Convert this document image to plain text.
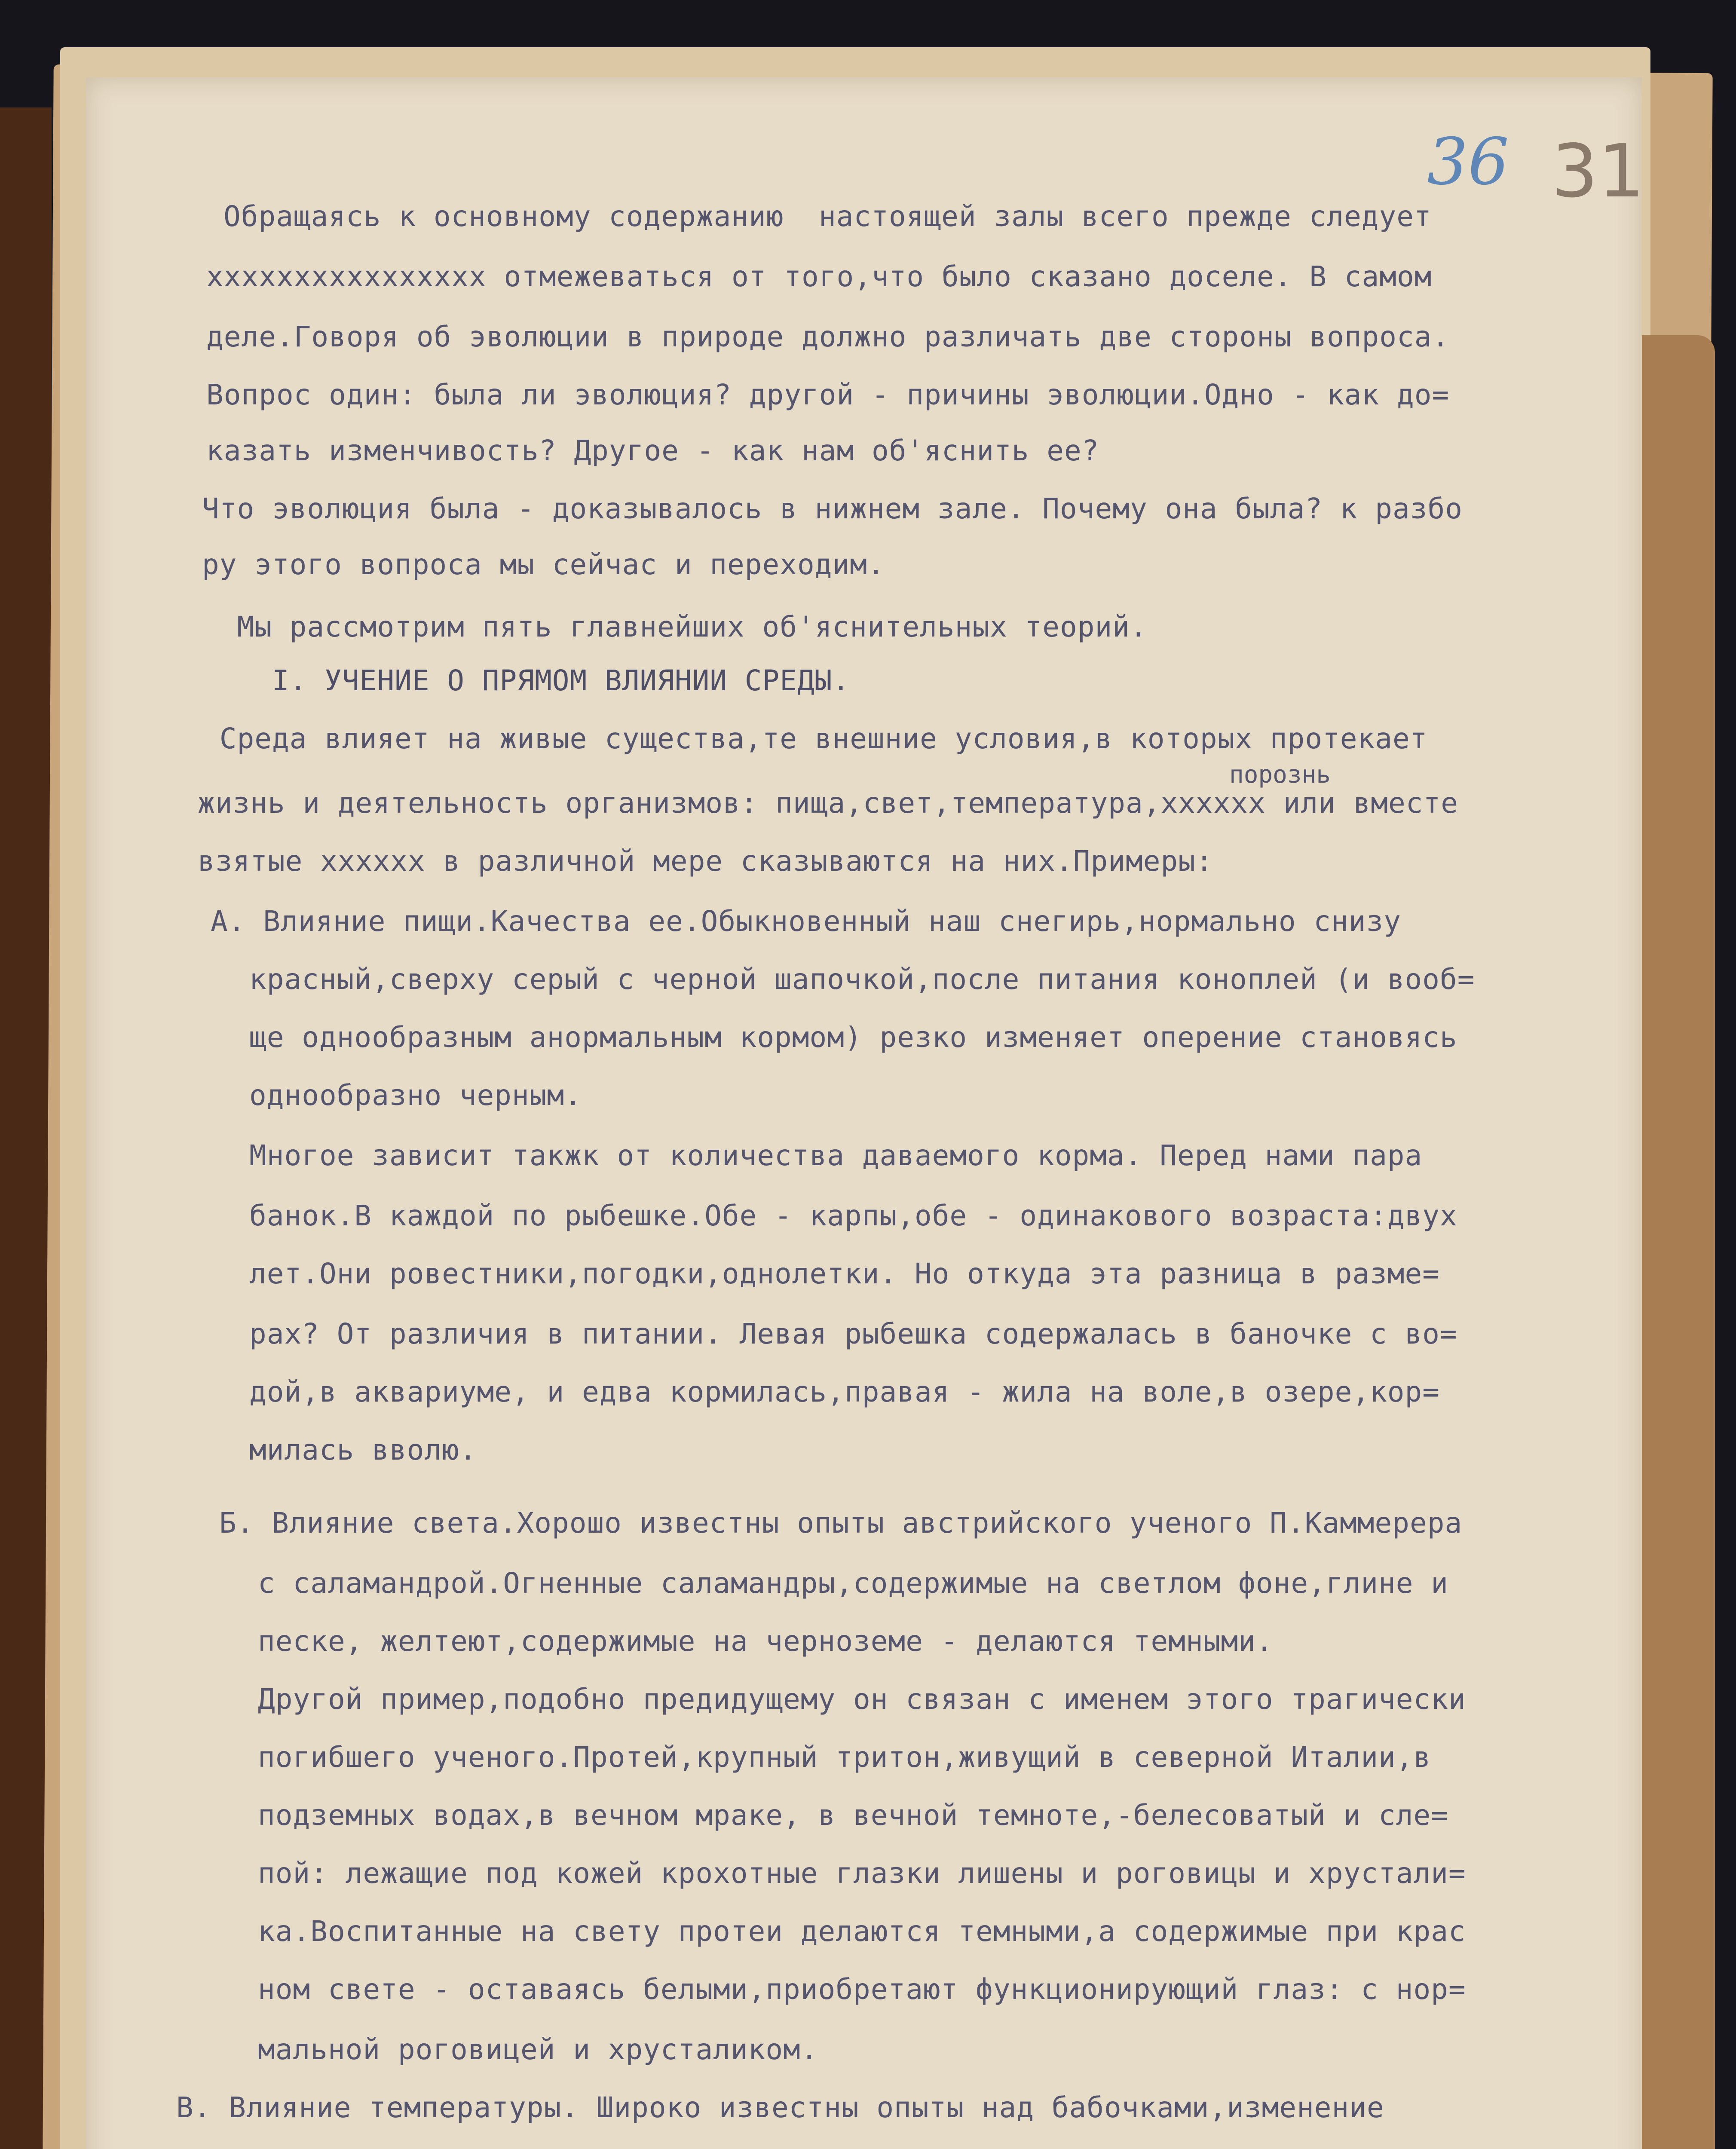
36 31
Обращаясь к основному содержанию  настоящей залы всего прежде следует
хххххххххххххххх отмежеваться от того,что было сказано доселе. В самом
деле.Говоря об эволюции в природе должно различать две стороны вопроса.
Вопрос один: была ли эволюция? другой - причины эволюции.Одно - как до=
казать изменчивость? Другое - как нам об'яснить ее?
Что эволюция была - доказывалось в нижнем зале. Почему она была? к разбо
ру этого вопроса мы сейчас и переходим.
Мы рассмотрим пять главнейших об'яснительных теорий.
I. УЧЕНИЕ О ПРЯМОМ ВЛИЯНИИ СРЕДЫ.
Среда влияет на живые существа,те внешние условия,в которых протекает
порознь
жизнь и деятельность организмов: пища,свет,температура,хххххх или вместе
взятые хххххх в различной мере сказываются на них.Примеры:
А. Влияние пищи.Качества ее.Обыкновенный наш снегирь,нормально снизу
красный,сверху серый с черной шапочкой,после питания коноплей (и вооб=
ще однообразным анормальным кормом) резко изменяет оперение становясь
однообразно черным.
Многое зависит такжк от количества даваемого корма. Перед нами пара
банок.В каждой по рыбешке.Обе - карпы,обе - одинакового возраста:двух
лет.Они ровестники,погодки,однолетки. Но откуда эта разница в разме=
рах? От различия в питании. Левая рыбешка содержалась в баночке с во=
дой,в аквариуме, и едва кормилась,правая - жила на воле,в озере,кор=
милась вволю.
Б. Влияние света.Хорошо известны опыты австрийского ученого П.Каммерера
с саламандрой.Огненные саламандры,содержимые на светлом фоне,глине и
песке, желтеют,содержимые на черноземе - делаются темными.
Другой пример,подобно предидущему он связан с именем этого трагически
погибшего ученого.Протей,крупный тритон,живущий в северной Италии,в
подземных водах,в вечном мраке, в вечной темноте,-белесоватый и сле=
пой: лежащие под кожей крохотные глазки лишены и роговицы и хрустали=
ка.Воспитанные на свету протеи делаются темными,а содержимые при крас
ном свете - оставаясь белыми,приобретают функционирующий глаз: с нор=
мальной роговицей и хрусталиком.
В. Влияние температуры. Широко известны опыты над бабочками,изменение
